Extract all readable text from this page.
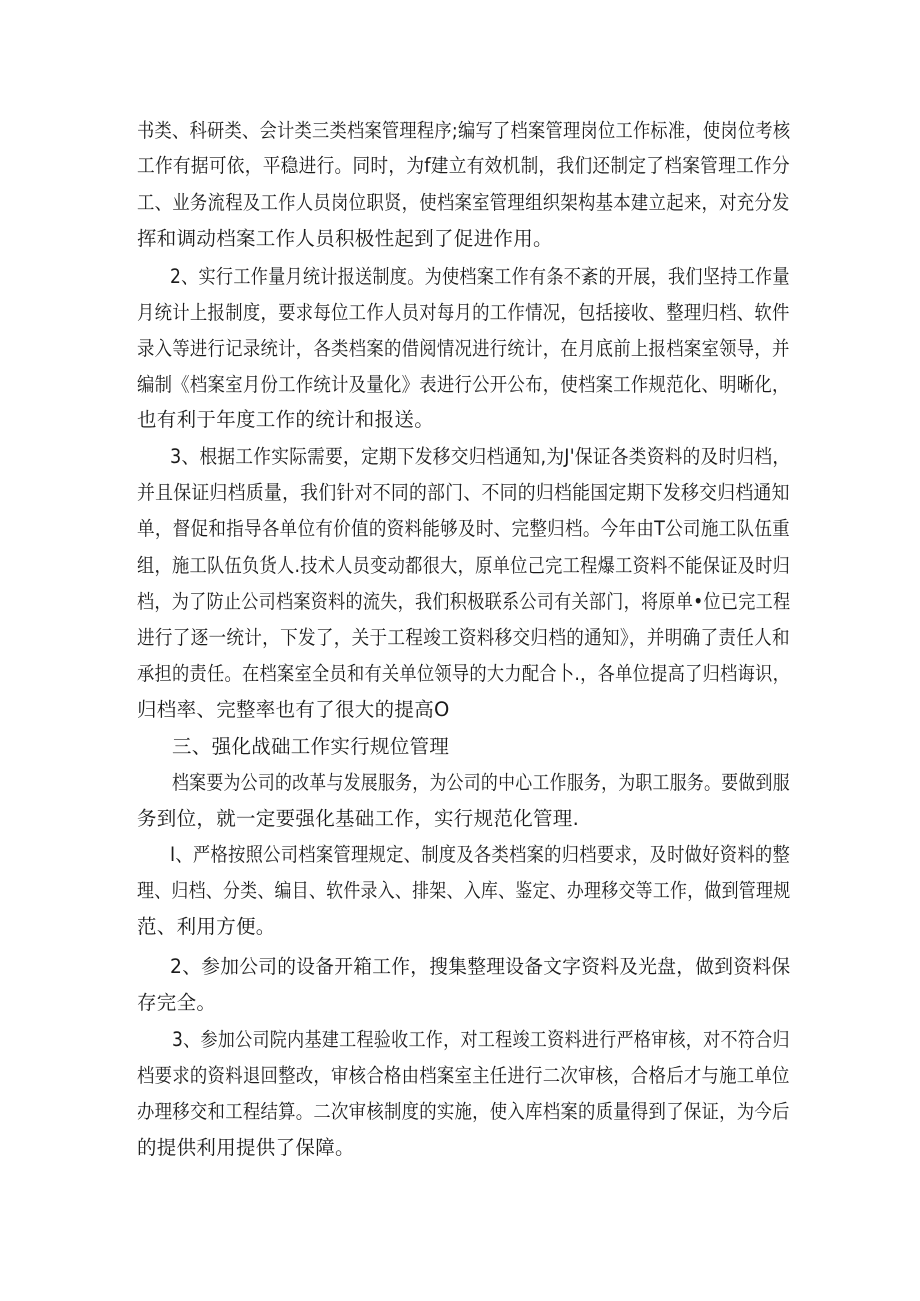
书类、科研类、会计类三类档案管理程序;编写了档案管理岗位工作标准，使岗位考核
工作有据可依，平稳进行。同时，为f建立有效机制，我们还制定了档案管理工作分
工、业务流程及工作人员岗位职贤，使档案室管理组织架构基本建立起来，对充分发
挥和调动档案工作人员积极性起到了促进作用。
2、实行工作量月统计报送制度。为使档案工作有条不紊的开展，我们坚持工作量
月统计上报制度，要求每位工作人员对每月的工作情况，包括接收、整理归档、软件
录入等进行记录统计，各类档案的借阅情况进行统计，在月底前上报档案室领导，并
编制《档案室月份工作统计及量化》表进行公开公布，使档案工作规范化、明晰化，
也有利于年度工作的统计和报送。
3、根据工作实际需要，定期下发移交归档通知,为J'保证各类资料的及时归档，
并且保证归档质量，我们针对不同的部门、不同的归档能国定期下发移交归档通知
单，督促和指导各单位有价值的资料能够及时、完整归档。今年由T公司施工队伍重
组，施工队伍负货人.技术人员变动都很大，原单位己完工程爆工资料不能保证及时归
档，为了防止公司档案资料的流失，我们积极联系公司有关部门，将原单•位已完工程
进行了逐一统计，下发了，关于工程竣工资料移交归档的通知》，并明确了责任人和
承担的责任。在档案室全员和有关单位领导的大力配合卜.，各单位提高了归档诲识，
归档率、完整率也有了很大的提高O
三、强化战础工作实行规位管理
档案要为公司的改革与发展服务，为公司的中心工作服务，为职工服务。要做到服
务到位，就一定要强化基础工作，实行规范化管理.
I、严格按照公司档案管理规定、制度及各类档案的归档要求，及时做好资料的整
理、归档、分类、编目、软件录入、排架、入库、鉴定、办理移交等工作，做到管理规
范、利用方便。
2、参加公司的设备开箱工作，搜集整理设备文字资料及光盘，做到资料保
存完全。
3、参加公司院内基建工程验收工作，对工程竣工资料进行严格审核，对不符合归
档要求的资料退回整改，审核合格由档案室主任进行二次审核，合格后才与施工单位
办理移交和工程结算。二次审核制度的实施，使入库档案的质量得到了保证，为今后
的提供利用提供了保障。
